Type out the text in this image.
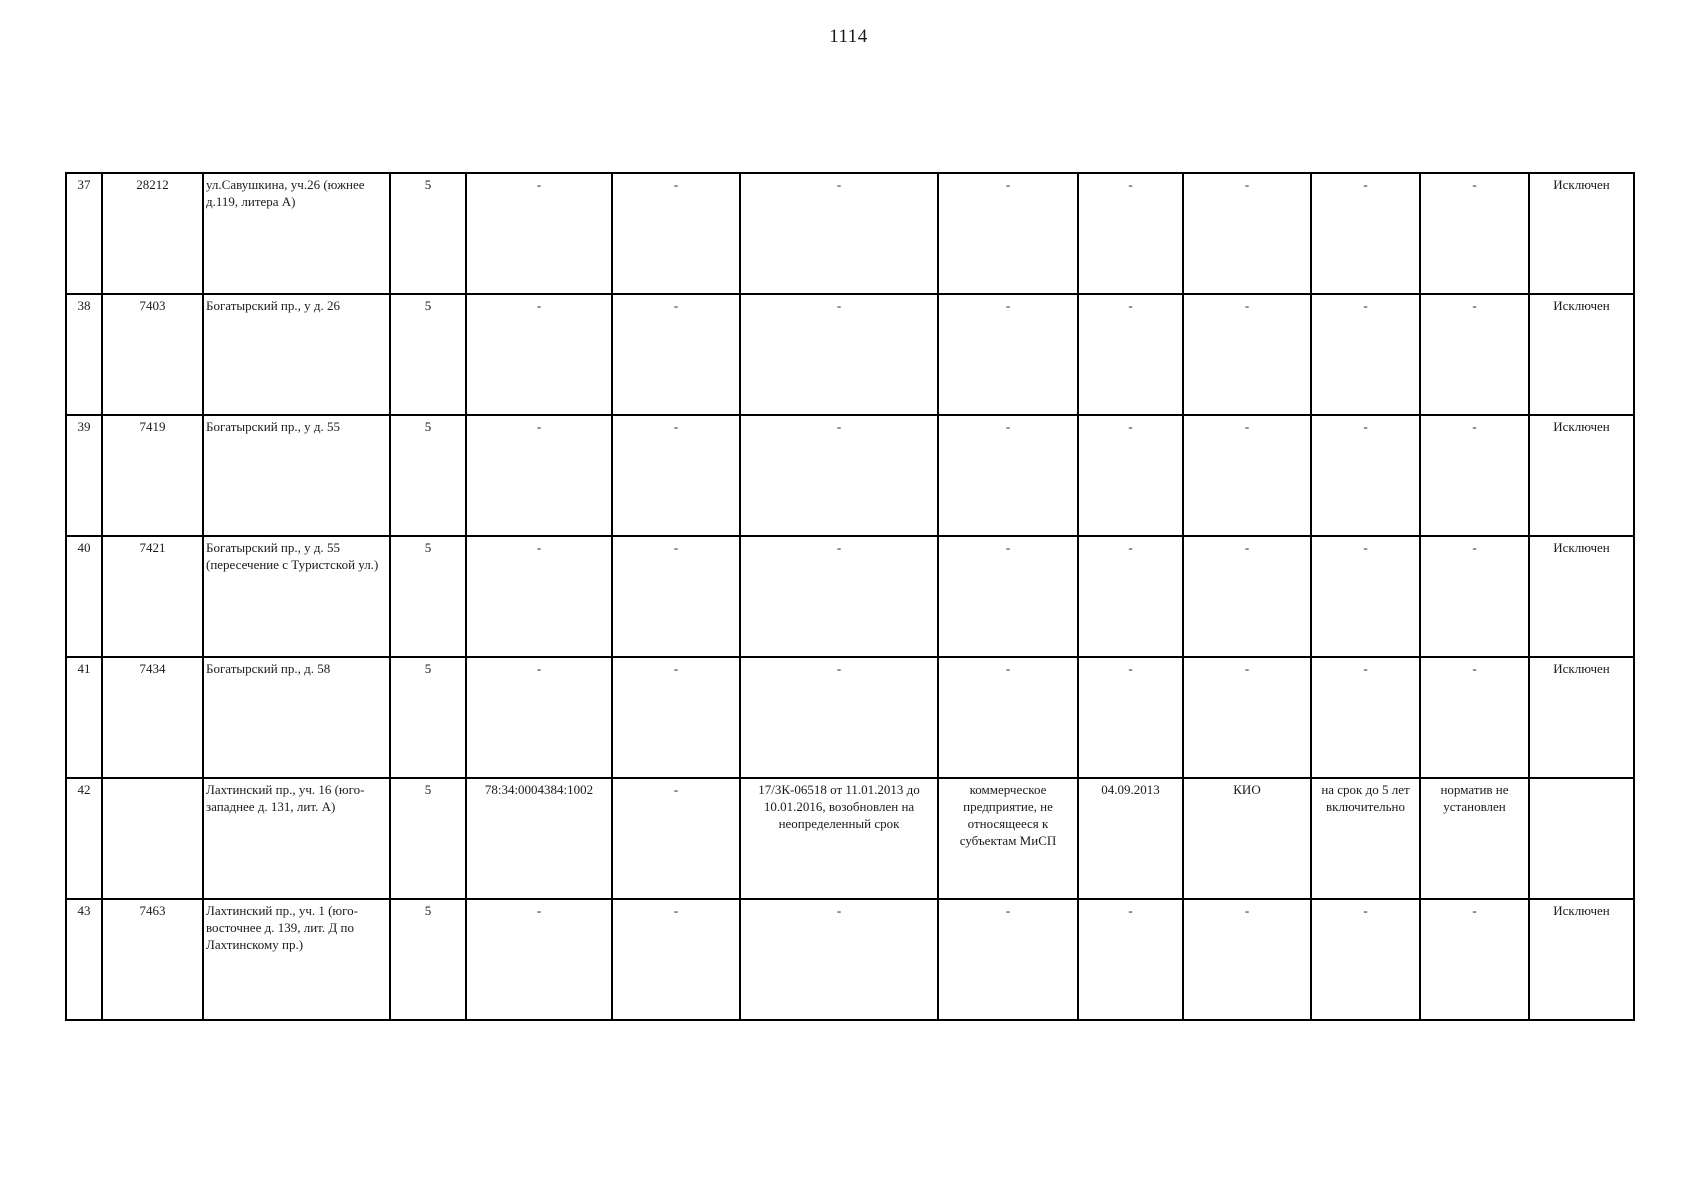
1114
37	28212	ул.Савушкина, уч.26 (южнее д.119, литера А)	5	-	-	-	-	-	-	-	-	Исключен
38	7403	Богатырский пр., у д. 26	5	-	-	-	-	-	-	-	-	Исключен
39	7419	Богатырский пр., у д. 55	5	-	-	-	-	-	-	-	-	Исключен
40	7421	Богатырский пр., у д. 55 (пересечение с Туристской ул.)	5	-	-	-	-	-	-	-	-	Исключен
41	7434	Богатырский пр., д. 58	5	-	-	-	-	-	-	-	-	Исключен
42		Лахтинский пр., уч. 16 (юго-западнее д. 131, лит. А)	5	78:34:0004384:1002	-	17/ЗК-06518 от 11.01.2013 до 10.01.2016, возобновлен на неопределенный срок	коммерческое предприятие, не относящееся к субъектам МиСП	04.09.2013	КИО	на срок до 5 лет включительно	норматив не установлен	
43	7463	Лахтинский пр., уч. 1 (юго-восточнее д. 139, лит. Д по Лахтинскому пр.)	5	-	-	-	-	-	-	-	-	Исключен
